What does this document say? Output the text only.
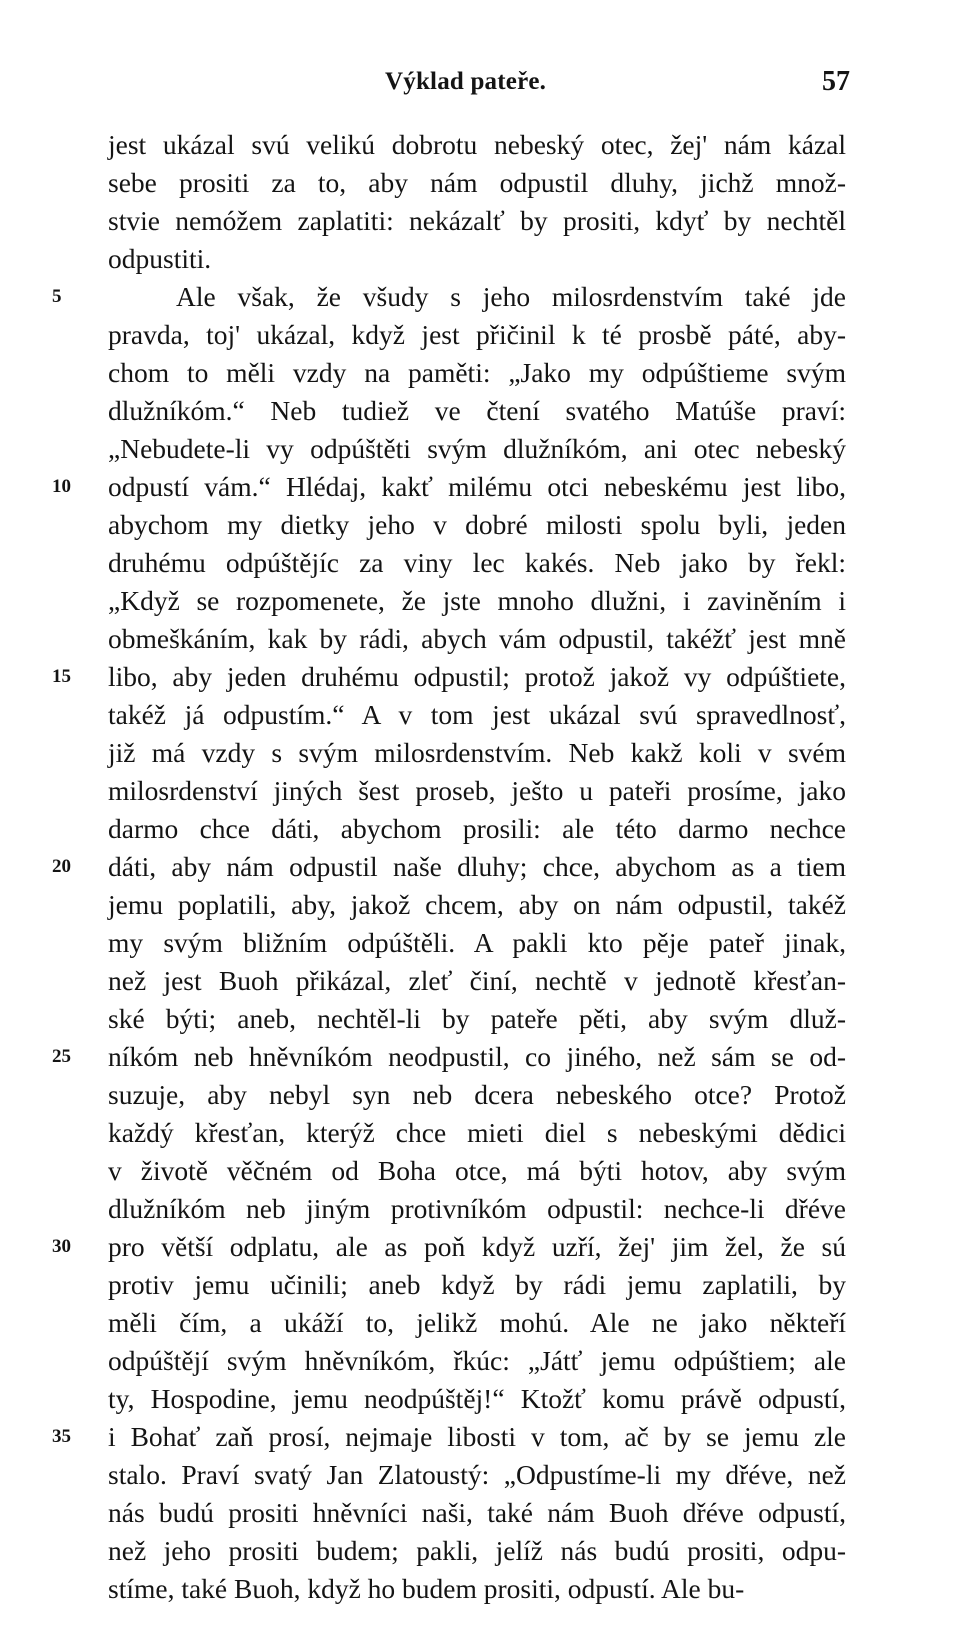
Výklad pateře.	57
jest ukázal svú velikú dobrotu nebeský otec, žej' nám kázal
sebe prositi za to, aby nám odpustil dluhy, jichž množ-
stvie nemóžem zaplatiti: nekázalť by prositi, kdyť by nechtěl
odpustiti.
5	Ale však, že všudy s jeho milosrdenstvím také jde
pravda, toj' ukázal, když jest přičinil k té prosbě páté, aby-
chom to měli vzdy na paměti: „Jako my odpúštieme svým
dlužníkóm.“ Neb tudiež ve čtení svatého Matúše praví:
„Nebudete-li vy odpúštěti svým dlužníkóm, ani otec nebeský
10	odpustí vám.“ Hlédaj, kakť milému otci nebeskému jest libo,
abychom my dietky jeho v dobré milosti spolu byli, jeden
druhému odpúštějíc za viny lec kakés. Neb jako by řekl:
„Když se rozpomenete, že jste mnoho dlužni, i zaviněním i
obmeškáním, kak by rádi, abych vám odpustil, takéžť jest mně
15	libo, aby jeden druhému odpustil; protož jakož vy odpúštiete,
takéž já odpustím.“ A v tom jest ukázal svú spravedlnosť,
již má vzdy s svým milosrdenstvím. Neb kakž koli v svém
milosrdenství jiných šest proseb, ješto u pateři prosíme, jako
darmo chce dáti, abychom prosili: ale této darmo nechce
20	dáti, aby nám odpustil naše dluhy; chce, abychom as a tiem
jemu poplatili, aby, jakož chcem, aby on nám odpustil, takéž
my svým bližním odpúštěli. A pakli kto pěje pateř jinak,
než jest Buoh přikázal, zleť činí, nechtě v jednotě křesťan-
ské býti; aneb, nechtěl-li by pateře pěti, aby svým dluž-
25	níkóm neb hněvníkóm neodpustil, co jiného, než sám se od-
suzuje, aby nebyl syn neb dcera nebeského otce? Protož
každý křesťan, kterýž chce mieti diel s nebeskými dědici
v životě věčném od Boha otce, má býti hotov, aby svým
dlužníkóm neb jiným protivníkóm odpustil: nechce-li dřéve
30	pro větší odplatu, ale as poň když uzří, žej' jim žel, že sú
protiv jemu učinili; aneb když by rádi jemu zaplatili, by
měli čím, a ukáží to, jelikž mohú. Ale ne jako někteří
odpúštějí svým hněvníkóm, řkúc: „Játť jemu odpúštiem; ale
ty, Hospodine, jemu neodpúštěj!“ Ktožť komu právě odpustí,
35	i Bohať zaň prosí, nejmaje libosti v tom, ač by se jemu zle
stalo. Praví svatý Jan Zlatoustý: „Odpustíme-li my dřéve, než
nás budú prositi hněvníci naši, také nám Buoh dřéve odpustí,
než jeho prositi budem; pakli, jelíž nás budú prositi, odpu-
stíme, také Buoh, když ho budem prositi, odpustí. Ale bu-
